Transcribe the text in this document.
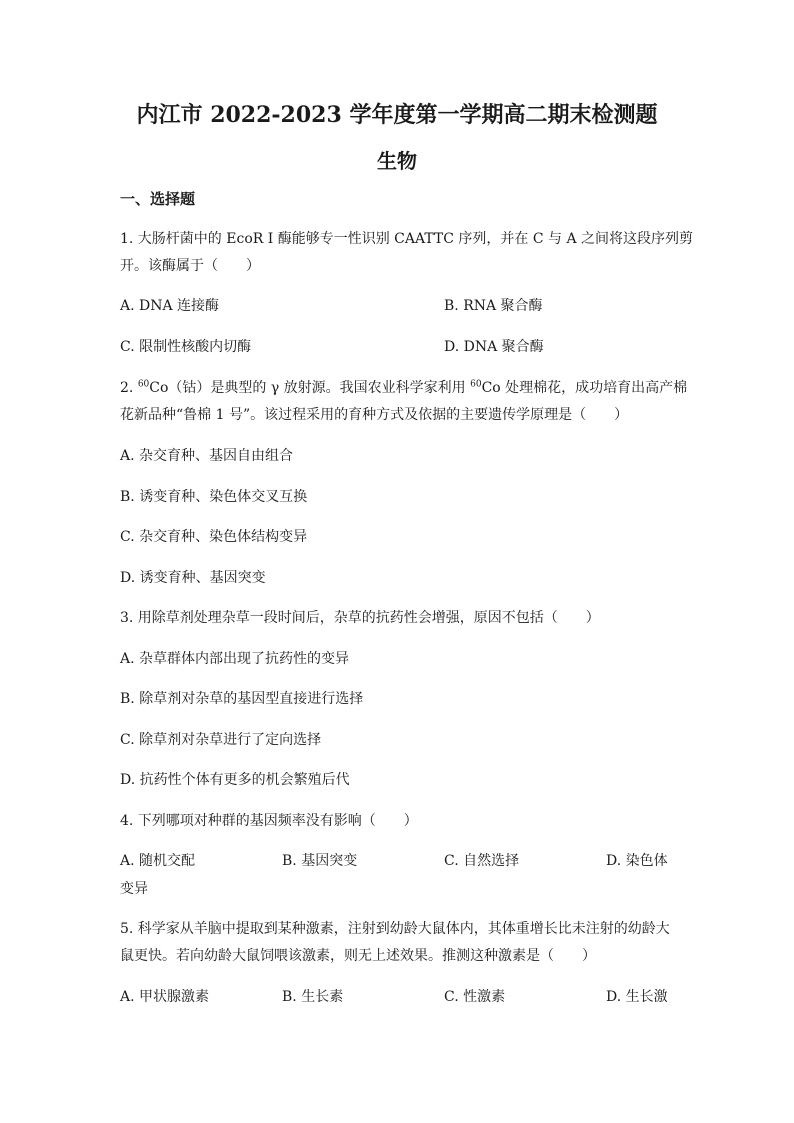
内江市 2022-2023 学年度第一学期高二期末检测题
生物
一、选择题
1. 大肠杆菌中的 EcoR I 酶能够专一性识别 CAATTC 序列，并在 C 与 A 之间将这段序列剪
开。该酶属于（　　）
A. DNA 连接酶	B. RNA 聚合酶
C. 限制性核酸内切酶	D. DNA 聚合酶
2. $^{60}$Co（钴）是典型的 γ 放射源。我国农业科学家利用 $^{60}$Co 处理棉花，成功培育出高产棉
花新品种“鲁棉 1 号”。该过程采用的育种方式及依据的主要遗传学原理是（　　）
A. 杂交育种、基因自由组合
B. 诱变育种、染色体交叉互换
C. 杂交育种、染色体结构变异
D. 诱变育种、基因突变
3. 用除草剂处理杂草一段时间后，杂草的抗药性会增强，原因不包括（　　）
A. 杂草群体内部出现了抗药性的变异
B. 除草剂对杂草的基因型直接进行选择
C. 除草剂对杂草进行了定向选择
D. 抗药性个体有更多的机会繁殖后代
4. 下列哪项对种群的基因频率没有影响（　　）
A. 随机交配	B. 基因突变	C. 自然选择	D. 染色体
变异
5. 科学家从羊脑中提取到某种激素，注射到幼龄大鼠体内，其体重增长比未注射的幼龄大
鼠更快。若向幼龄大鼠饲喂该激素，则无上述效果。推测这种激素是（　　）
A. 甲状腺激素	B. 生长素	C. 性激素	D. 生长激
